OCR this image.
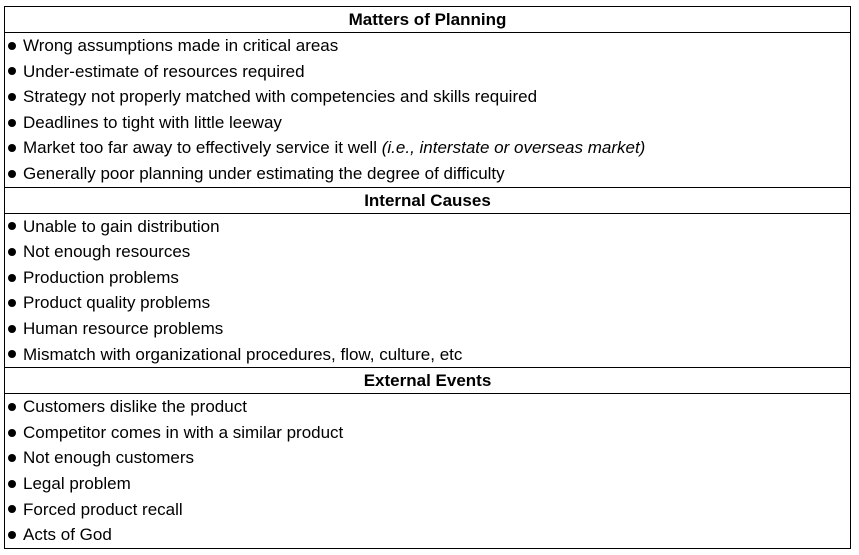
Matters of Planning
Wrong assumptions made in critical areas
Under-estimate of resources required
Strategy not properly matched with competencies and skills required
Deadlines to tight with little leeway
Market too far away to effectively service it well (i.e., interstate or overseas market)
Generally poor planning under estimating the degree of difficulty
Internal Causes
Unable to gain distribution
Not enough resources
Production problems
Product quality problems
Human resource problems
Mismatch with organizational procedures, flow, culture, etc
External Events
Customers dislike the product
Competitor comes in with a similar product
Not enough customers
Legal problem
Forced product recall
Acts of God
